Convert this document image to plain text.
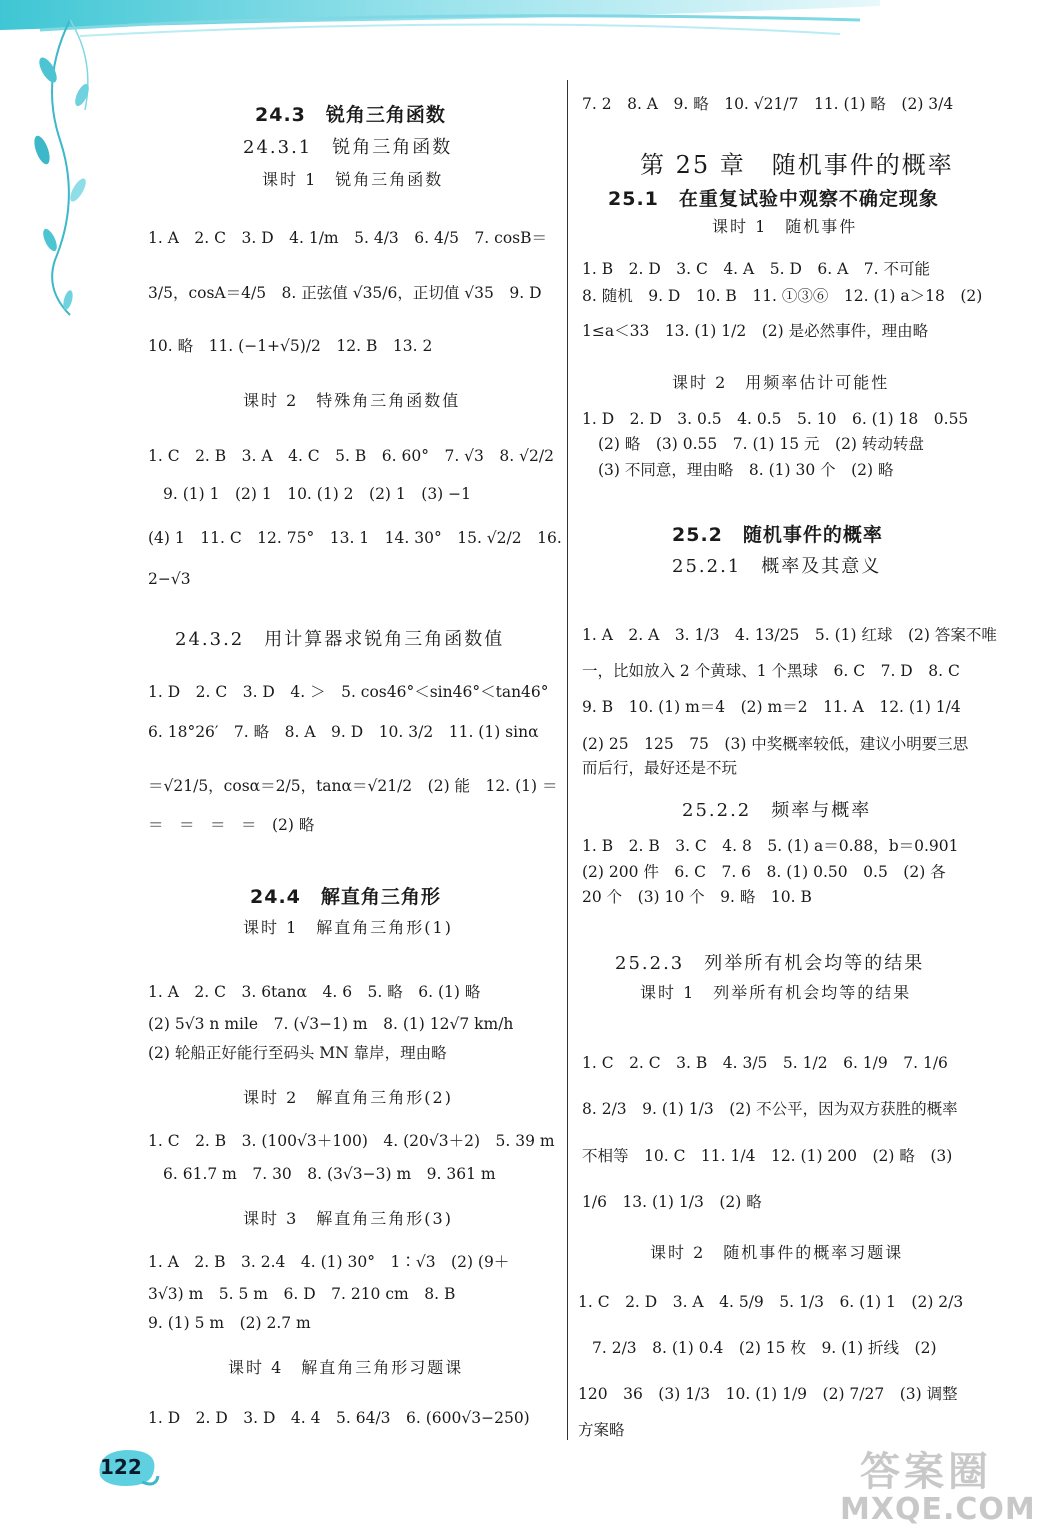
24.3　锐角三角函数
24.3.1　锐角三角函数
课时 1　锐角三角函数
1. A　2. C　3. D　4. 1/m　5. 4/3　6. 4/5　7. cosB＝
3/5，cosA＝4/5　8. 正弦值 √35/6，正切值 √35　9. D
10. 略　11. (−1+√5)/2　12. B　13. 2
课时 2　特殊角三角函数值
1. C　2. B　3. A　4. C　5. B　6. 60°　7. √3　8. √2/2
9. (1) 1　(2) 1　10. (1) 2　(2) 1　(3) −1
(4) 1　11. C　12. 75°　13. 1　14. 30°　15. √2/2　16.
2−√3
24.3.2　用计算器求锐角三角函数值
1. D　2. C　3. D　4. ＞　5. cos46°＜sin46°＜tan46°
6. 18°26′　7. 略　8. A　9. D　10. 3/2　11. (1) sinα
＝√21/5，cosα＝2/5，tanα＝√21/2　(2) 能　12. (1) ＝
＝　＝　＝　＝　(2) 略
24.4　解直角三角形
课时 1　解直角三角形(1)
1. A　2. C　3. 6tanα　4. 6　5. 略　6. (1) 略
(2) 5√3 n mile　7. (√3−1) m　8. (1) 12√7 km/h
(2) 轮船正好能行至码头 MN 靠岸，理由略
课时 2　解直角三角形(2)
1. C　2. B　3. (100√3＋100)　4. (20√3＋2)　5. 39 m
6. 61.7 m　7. 30　8. (3√3−3) m　9. 361 m
课时 3　解直角三角形(3)
1. A　2. B　3. 2.4　4. (1) 30°　1∶√3　(2) (9＋
3√3) m　5. 5 m　6. D　7. 210 cm　8. B
9. (1) 5 m　(2) 2.7 m
课时 4　解直角三角形习题课
1. D　2. D　3. D　4. 4　5. 64/3　6. (600√3−250)
7. 2　8. A　9. 略　10. √21/7　11. (1) 略　(2) 3/4
第 25 章　随机事件的概率
25.1　在重复试验中观察不确定现象
课时 1　随机事件
1. B　2. D　3. C　4. A　5. D　6. A　7. 不可能
8. 随机　9. D　10. B　11. ①③⑥　12. (1) a＞18　(2)
1≤a＜33　13. (1) 1/2　(2) 是必然事件，理由略
课时 2　用频率估计可能性
1. D　2. D　3. 0.5　4. 0.5　5. 10　6. (1) 18　0.55
(2) 略　(3) 0.55　7. (1) 15 元　(2) 转动转盘
(3) 不同意，理由略　8. (1) 30 个　(2) 略
25.2　随机事件的概率
25.2.1　概率及其意义
1. A　2. A　3. 1/3　4. 13/25　5. (1) 红球　(2) 答案不唯
一，比如放入 2 个黄球、1 个黑球　6. C　7. D　8. C
9. B　10. (1) m＝4　(2) m＝2　11. A　12. (1) 1/4
(2) 25　125　75　(3) 中奖概率较低，建议小明要三思
而后行，最好还是不玩
25.2.2　频率与概率
1. B　2. B　3. C　4. 8　5. (1) a＝0.88，b＝0.901
(2) 200 件　6. C　7. 6　8. (1) 0.50　0.5　(2) 各
20 个　(3) 10 个　9. 略　10. B
25.2.3　列举所有机会均等的结果
课时 1　列举所有机会均等的结果
1. C　2. C　3. B　4. 3/5　5. 1/2　6. 1/9　7. 1/6
8. 2/3　9. (1) 1/3　(2) 不公平，因为双方获胜的概率
不相等　10. C　11. 1/4　12. (1) 200　(2) 略　(3)
1/6　13. (1) 1/3　(2) 略
课时 2　随机事件的概率习题课
1. C　2. D　3. A　4. 5/9　5. 1/3　6. (1) 1　(2) 2/3
7. 2/3　8. (1) 0.4　(2) 15 枚　9. (1) 折线　(2)
120　36　(3) 1/3　10. (1) 1/9　(2) 7/27　(3) 调整
方案略
122	答案圈
MXQE.COM
